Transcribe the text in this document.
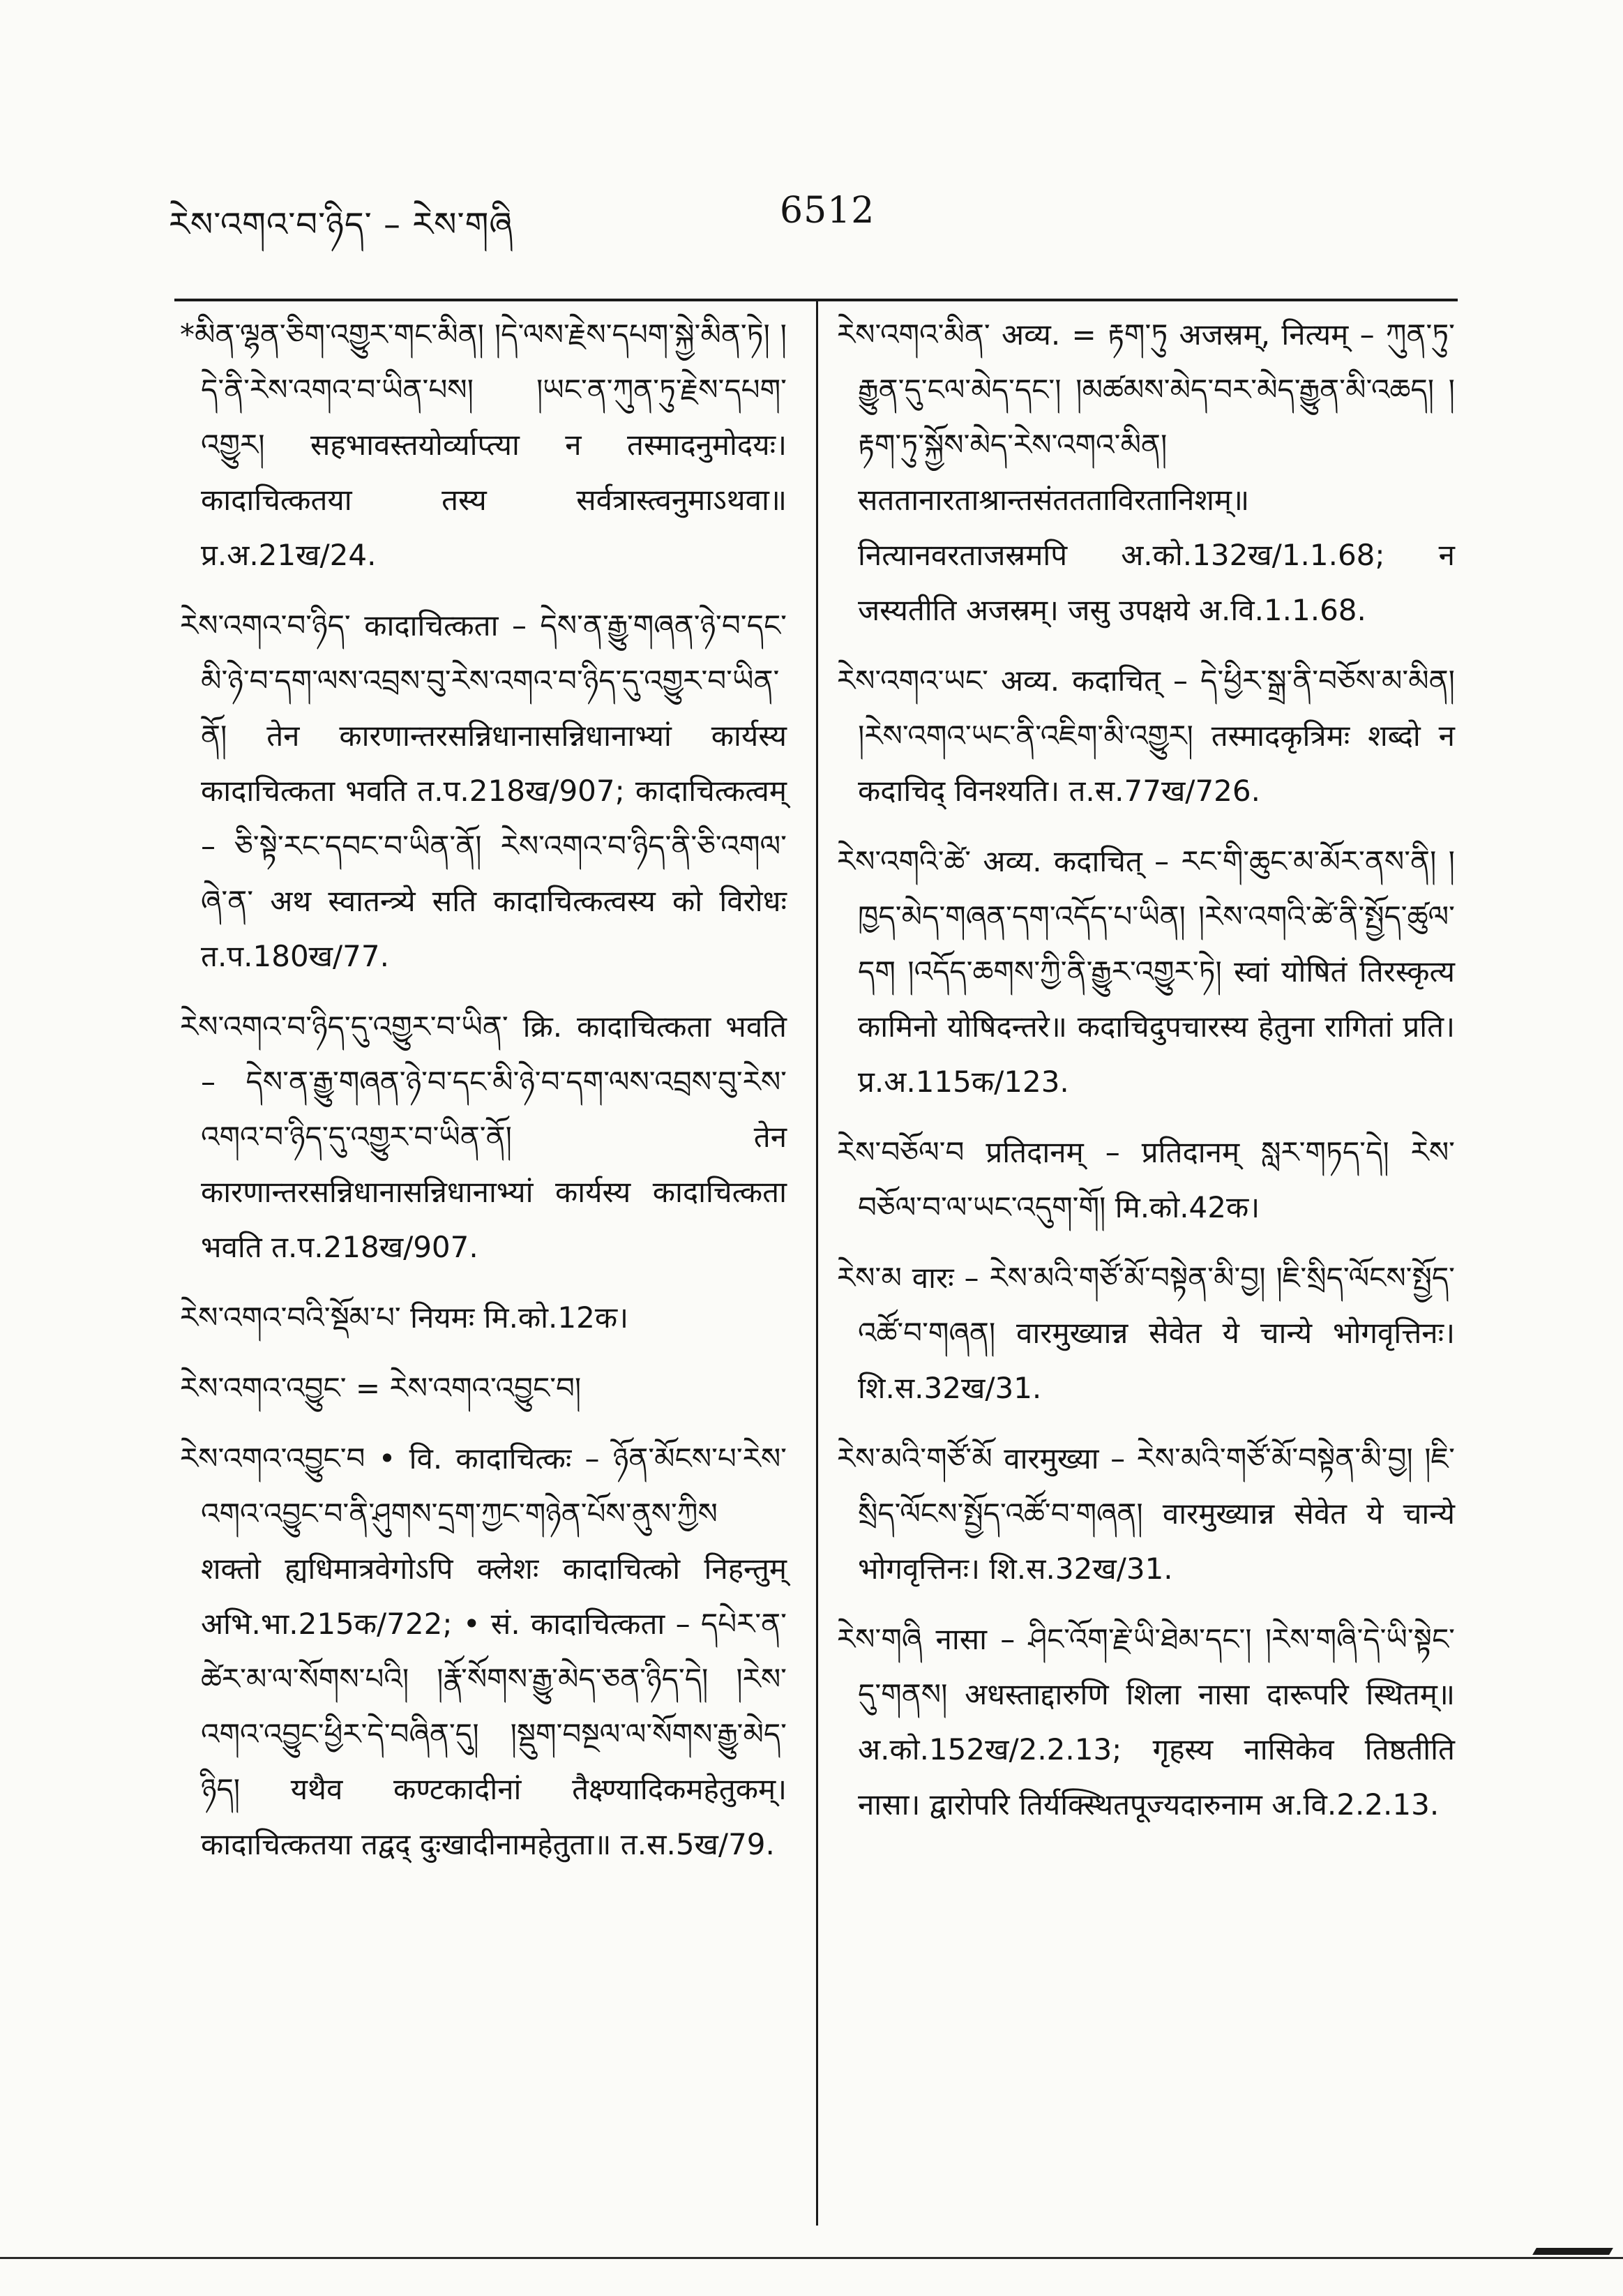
རེས་འགའ་བ་ཉིད་ – རེས་གཞི	6512

*མིན་ལྷན་ཅིག་འགྱུར་གང་མིན། །དེ་ལས་རྗེས་དཔག་སྐྱེ་མིན་ཏེ། །དེ་ནི་རེས་འགའ་བ་ཡིན་པས། །ཡང་ན་ཀུན་ཏུ་རྗེས་དཔག་འགྱུར། सहभावस्तयोर्व्याप्त्या न तस्मादनुमोदयः। कादाचित्कतया तस्य सर्वत्रास्त्वनुमाऽथवा॥ प्र.अ.21ख/24.

རེས་འགའ་བ་ཉིད་ कादाचित्कता – དེས་ན་རྒྱུ་གཞན་ཉེ་བ་དང་མི་ཉེ་བ་དག་ལས་འབྲས་བུ་རེས་འགའ་བ་ཉིད་དུ་འགྱུར་བ་ཡིན་ནོ། तेन कारणान्तरसन्निधानासन्निधानाभ्यां कार्यस्य कादाचित्कता भवति त.प.218ख/907; कादाचित्कत्वम् – ཅི་སྟེ་རང་དབང་བ་ཡིན་ནོ། རེས་འགའ་བ་ཉིད་ནི་ཅི་འགལ་ཞེ་ན་ अथ स्वातन्त्र्ये सति कादाचित्कत्वस्य को विरोधः त.प.180ख/77.

རེས་འགའ་བ་ཉིད་དུ་འགྱུར་བ་ཡིན་ क्रि. कादाचित्कता भवति – དེས་ན་རྒྱུ་གཞན་ཉེ་བ་དང་མི་ཉེ་བ་དག་ལས་འབྲས་བུ་རེས་འགའ་བ་ཉིད་དུ་འགྱུར་བ་ཡིན་ནོ། तेन कारणान्तरसन्निधानासन्निधानाभ्यां कार्यस्य कादाचित्कता भवति त.प.218ख/907.

རེས་འགའ་བའི་སྡོམ་པ་ नियमः मि.को.12क।

རེས་འགའ་འབྱུང་ = རེས་འགའ་འབྱུང་བ།

རེས་འགའ་འབྱུང་བ • वि. कादाचित्कः – ཉོན་མོངས་པ་རེས་འགའ་འབྱུང་བ་ནི་ཤུགས་དྲག་ཀྱང་གཉེན་པོས་ནུས་ཀྱིས शक्तो ह्यधिमात्रवेगोऽपि क्लेशः कादाचित्को निहन्तुम् अभि.भा.215क/722; • सं. कादाचित्कता – དཔེར་ན་ཚེར་མ་ལ་སོགས་པའི། །རྣོ་སོགས་རྒྱུ་མེད་ཅན་ཉིད་དེ། །རེས་འགའ་འབྱུང་ཕྱིར་དེ་བཞིན་དུ། །སྡུག་བསྔལ་ལ་སོགས་རྒྱུ་མེད་ཉིད། यथैव कण्टकादीनां तैक्ष्ण्यादिकमहेतुकम्। कादाचित्कतया तद्वद् दुःखादीनामहेतुता॥ त.स.5ख/79.

རེས་འགའ་མིན་ अव्य. = རྟག་ཏུ अजस्रम्, नित्यम् – ཀུན་ཏུ་རྒྱུན་དུ་ངལ་མེད་དང་། །མཚམས་མེད་བར་མེད་རྒྱུན་མི་འཆད། །རྟག་ཏུ་སྐྱོས་མེད་རེས་འགའ་མིན། सततानारताश्रान्तसंततताविरतानिशम्॥ नित्यानवरताजस्रमपि अ.को.132ख/1.1.68; न जस्यतीति अजस्रम्। जसु उपक्षये अ.वि.1.1.68.

རེས་འགའ་ཡང་ अव्य. कदाचित् – དེ་ཕྱིར་སྒྲ་ནི་བཅོས་མ་མིན། །རེས་འགའ་ཡང་ནི་འཇིག་མི་འགྱུར། तस्मादकृत्रिमः शब्दो न कदाचिद् विनश्यति। त.स.77ख/726.

རེས་འགའི་ཚེ་ अव्य. कदाचित् – རང་གི་ཆུང་མ་མོར་ནས་ནི། །ཁྱད་མེད་གཞན་དག་འདོད་པ་ཡིན། །རེས་འགའི་ཚེ་ནི་སྤྱོད་ཚུལ་དག །འདོད་ཆགས་ཀྱི་ནི་རྒྱུར་འགྱུར་ཏེ། स्वां योषितं तिरस्कृत्य कामिनो योषिदन्तरे॥ कदाचिदुपचारस्य हेतुना रागितां प्रति। प्र.अ.115क/123.

རེས་བཅོལ་བ प्रतिदानम् – प्रतिदानम् སླར་གཏད་དེ། རེས་བཅོལ་བ་ལ་ཡང་འདུག་གོ། मि.को.42क।

རེས་མ वारः – རེས་མའི་གཙོ་མོ་བསྟེན་མི་བྱ། །ཇི་སྲིད་ལོངས་སྤྱོད་འཚོ་བ་གཞན། वारमुख्यान्न सेवेत ये चान्ये भोगवृत्तिनः। शि.स.32ख/31.

རེས་མའི་གཙོ་མོ वारमुख्या – རེས་མའི་གཙོ་མོ་བསྟེན་མི་བྱ། །ཇི་སྲིད་ལོངས་སྤྱོད་འཚོ་བ་གཞན། वारमुख्यान्न सेवेत ये चान्ये भोगवृत्तिनः। शि.स.32ख/31.

རེས་གཞི नासा – ཤིང་འོག་རྗེ་ཡི་ཐེམ་དང་། །རེས་གཞི་དེ་ཡི་སྟེང་དུ་གནས། अधस्ताद्दारुणि शिला नासा दारूपरि स्थितम्॥ अ.को.152ख/2.2.13; गृहस्य नासिकेव तिष्ठतीति नासा। द्वारोपरि तिर्यक्स्थितपूज्यदारुनाम अ.वि.2.2.13.
